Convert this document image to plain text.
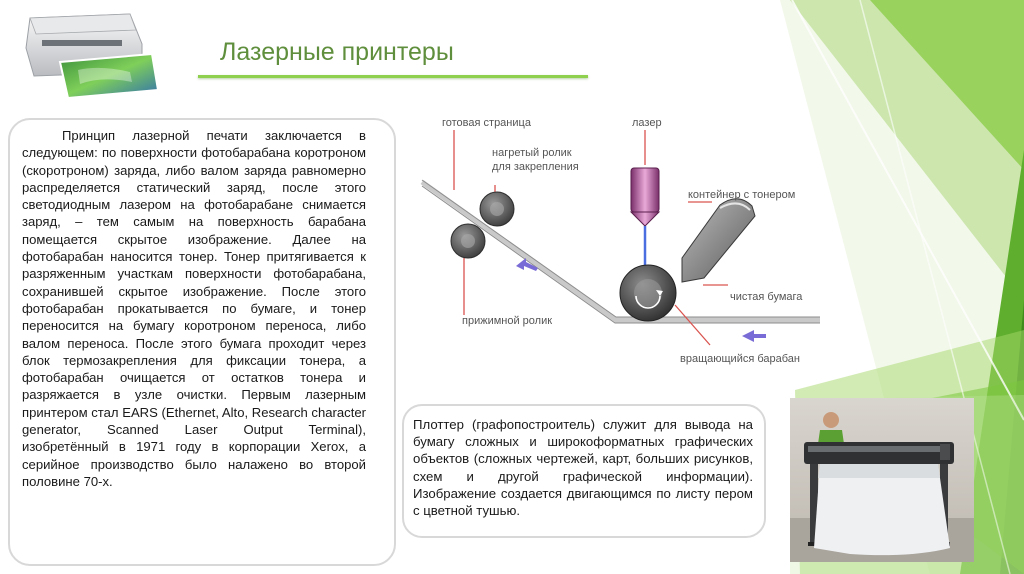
Лазерные принтеры
Принцип лазерной печати заключается в следующем: по поверхности фотобарабана коротроном (скоротроном) заряда, либо валом заряда равномерно распределяется статический заряд, после этого светодиодным лазером на фотобарабане снимается заряд, – тем самым на поверхность барабана помещается скрытое изображение. Далее на фотобарабан наносится тонер. Тонер притягивается к разряженным участкам поверхности фотобарабана, сохранившей скрытое изображение. После этого фотобарабан прокатывается по бумаге, и тонер переносится на бумагу коротроном переноса, либо валом переноса. После этого бумага проходит через блок термозакрепления для фиксации тонера, а фотобарабан очищается от остатков тонера и разряжается в узле очистки. Первым лазерным принтером стал EARS (Ethernet, Alto, Research character generator, Scanned Laser Output Terminal), изобретённый в 1971 году в корпорации Xerox, а серийное производство было налажено во второй половине 70-х.
готовая страница
нагретый ролик
для закрепления
лазер
контейнер с тонером
чистая бумага
прижимной ролик
вращающийся барабан
Плоттер (графопостроитель) служит для вывода на бумагу сложных и широкоформатных графических объектов (сложных чертежей, карт, больших рисунков, схем и другой графической информации). Изображение создается двигающимся по листу пером с цветной тушью.
